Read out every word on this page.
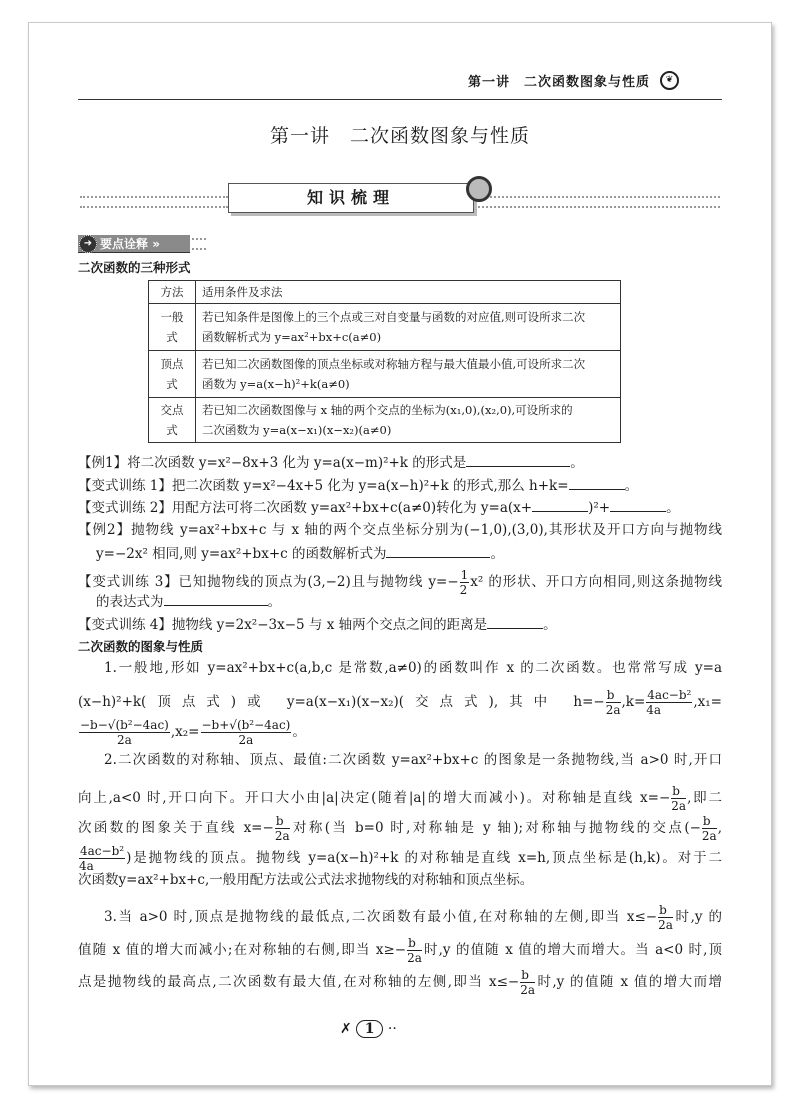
第一讲　二次函数图象与性质	❦
第一讲　二次函数图象与性质
知识梳理
➜ 要点诠释 »
二次函数的三种形式
方法	适用条件及求法
一般式	若已知条件是图像上的三个点或三对自变量与函数的对应值,则可设所求二次
函数解析式为 y=ax²+bx+c(a≠0)

顶点式	若已知二次函数图像的顶点坐标或对称轴方程与最大值最小值,可设所求二次
函数为 y=a(x−h)²+k(a≠0)

交点式	若已知二次函数图像与 x 轴的两个交点的坐标为(x₁,0),(x₂,0),可设所求的
二次函数为 y=a(x−x₁)(x−x₂)(a≠0)
【例1】将二次函数 y=x²−8x+3 化为 y=a(x−m)²+k 的形式是	。
【变式训练 1】把二次函数 y=x²−4x+5 化为 y=a(x−h)²+k 的形式,那么 h+k=	。
【变式训练 2】用配方法可将二次函数 y=ax²+bx+c(a≠0)转化为 y=a(x+	)²+	。
【例2】抛物线 y=ax²+bx+c 与 x 轴的两个交点坐标分别为(−1,0),(3,0),其形状及开口方向与抛物线
y=−2x² 相同,则 y=ax²+bx+c 的函数解析式为	。
【变式训练 3】已知抛物线的顶点为(3,−2)且与抛物线 $y=- \frac{1}{2} x^2$ 的形状、开口方向相同,则这条抛物线
的表达式为	。
【变式训练 4】抛物线 y=2x²−3x−5 与 x 轴两个交点之间的距离是	。
二次函数的图象与性质
1.一般地,形如 y=ax²+bx+c(a,b,c 是常数,a≠0)的函数叫作 x 的二次函数。也常常写成 y=a
(x−h)²+k(顶点式)或 y=a(x−x₁)(x−x₂)(交点式),其中 $h=- \frac{b}{2a} ,k= \frac{\text{4ac−b²}}{4a} ,x_1=$
$\frac{\text{−b−√(b²−4ac)}}{2a} ,x_2= \frac{\text{−b+√(b²−4ac)}}{2a}$ 。
2.二次函数的对称轴、顶点、最值:二次函数 y=ax²+bx+c 的图象是一条抛物线,当 a>0 时,开口
向上,a<0 时,开口向下。开口大小由|a|决定(随着|a|的增大而减小)。对称轴是直线 $x=- \frac{b}{2a}$ ,即二
次函数的图象关于直线 $x=- \frac{b}{2a}$ 对称(当 b=0 时,对称轴是 y 轴);对称轴与抛物线的交点(− $\frac{b}{2a}$ ,
$\frac{\text{4ac−b²}}{4a}$ )是抛物线的顶点。抛物线 y=a(x−h)²+k 的对称轴是直线 x=h,顶点坐标是(h,k)。对于二
次函数y=ax²+bx+c,一般用配方法或公式法求抛物线的对称轴和顶点坐标。
3.当 a>0 时,顶点是抛物线的最低点,二次函数有最小值,在对称轴的左侧,即当 $x\le- \frac{b}{2a}$ 时,y 的
值随 x 值的增大而减小;在对称轴的右侧,即当 $x\ge- \frac{b}{2a}$ 时,y 的值随 x 值的增大而增大。当 a<0 时,顶
点是抛物线的最高点,二次函数有最大值,在对称轴的左侧,即当 $x\le- \frac{b}{2a}$ 时,y 的值随 x 值的增大而增
✗ 1 ··
